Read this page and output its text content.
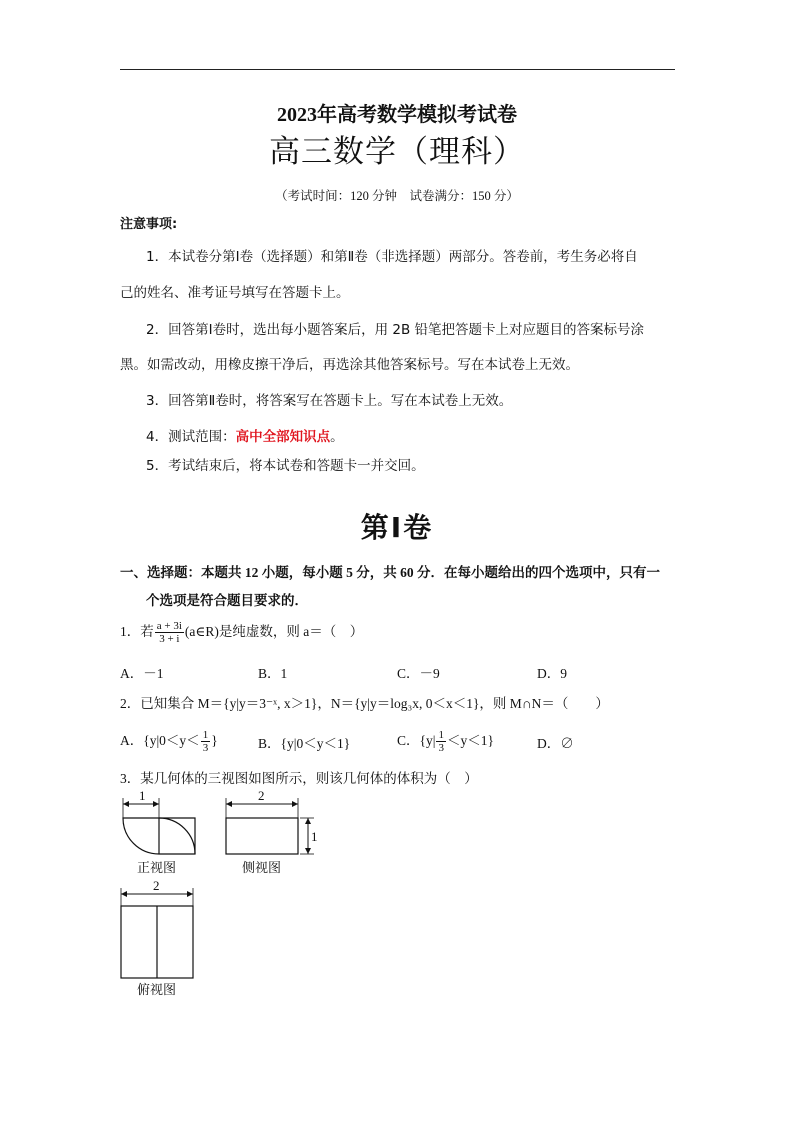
2023年高考数学模拟考试卷
高三数学（理科）
（考试时间：120 分钟　试卷满分：150 分）
注意事项:
1．本试卷分第Ⅰ卷（选择题）和第Ⅱ卷（非选择题）两部分。答卷前，考生务必将自
己的姓名、准考证号填写在答题卡上。
2．回答第Ⅰ卷时，选出每小题答案后，用 2B 铅笔把答题卡上对应题目的答案标号涂
黑。如需改动，用橡皮擦干净后，再选涂其他答案标号。写在本试卷上无效。
3．回答第Ⅱ卷时，将答案写在答题卡上。写在本试卷上无效。
4．测试范围：高中全部知识点。
5．考试结束后，将本试卷和答题卡一并交回。
第Ⅰ卷
一、选择题：本题共 12 小题，每小题 5 分，共 60 分．在每小题给出的四个选项中，只有一
个选项是符合题目要求的．
1．若 $\frac{a + 3i}{3 + i}$ (a∈R)是纯虚数，则 a＝（　）
A．－1	B．1	C．－9	D．9
2．已知集合 M＝{y|y＝3⁻ˣ, x＞1}，N＝{y|y＝log₃x, 0＜x＜1}，则 M∩N＝（　　）
A．{$y|0<y< \frac{1}{3}$ }	B．{y|0＜y＜1}	C．$\{y| \frac{1}{3} <y<1\}$	D．∅
3．某几何体的三视图如图所示，则该几何体的体积为（　）
1
正视图
2
1
侧视图
2
俯视图
